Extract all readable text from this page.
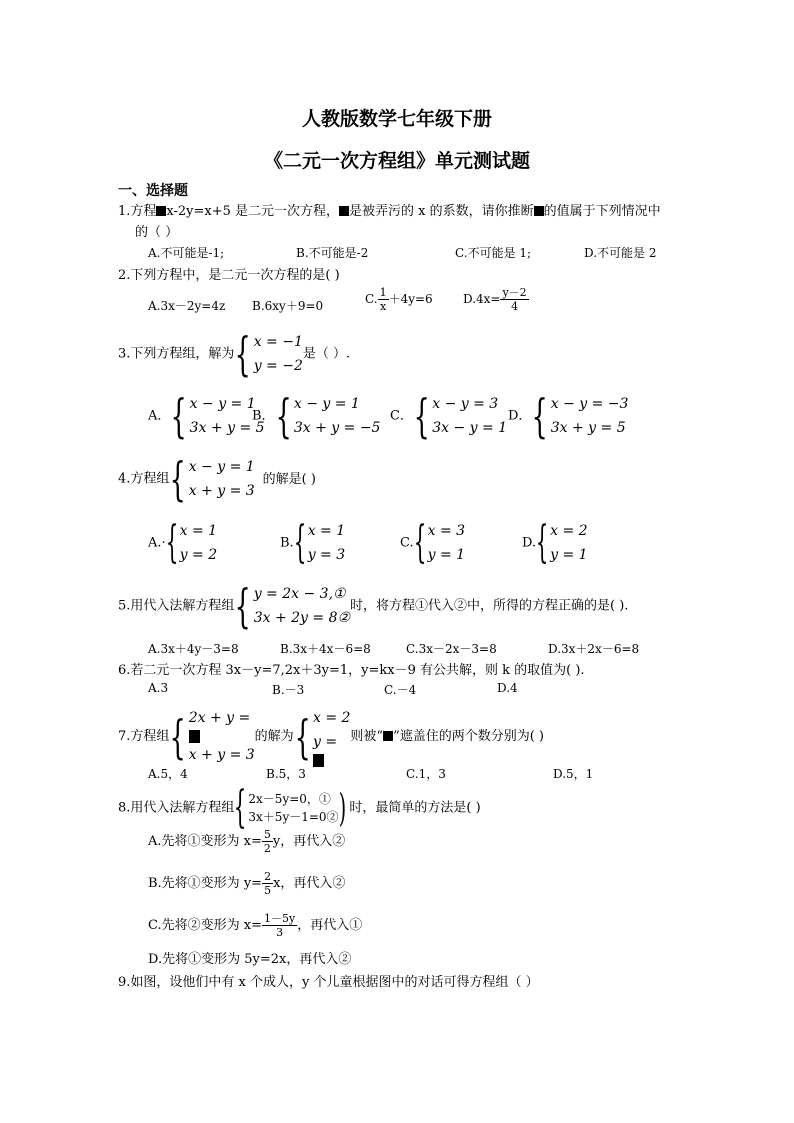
人教版数学七年级下册
《二元一次方程组》单元测试题
一、选择题
1.方程 x-2y=x+5 是二元一次方程， 是被弄污的 x 的系数，请你推断 的值属于下列情况中
的（ ）
A.不可能是-1;	B.不可能是-2	C.不可能是 1;	D.不可能是 2
2.下列方程中，是二元一次方程的是( )
A.3x－2y=4z B.6xy＋9=0	C. $\frac{1}{x} +4y=6$	$D.4x= \frac{y-2}{4}$
3.下列方程组，解为 { x = −1
y = −2
是（ ）.
A． { x − y = 1
3x + y = 5
B． { x − y = 1
3x + y = −5
C． { x − y = 3
3x − y = 1
D． { x − y = −3
3x + y = 5
4.方程组 { x − y = 1
x + y = 3
的解是( )
A.· { x = 1
y = 2
B. { x = 1
y = 3
C. { x = 3
y = 1
D. { x = 2
y = 1
5.用代入法解方程组 { y = 2x − 3,①
3x + 2y = 8②
时，将方程①代入②中，所得的方程正确的是( ).
A.3x＋4y－3=8	B.3x＋4x－6=8	C.3x－2x－3=8	D.3x＋2x－6=8
6.若二元一次方程 3x－y=7,2x＋3y=1，y=kx－9 有公共解，则 k 的取值为( ).
A.3	B.－3	C.－4	D.4
7.方程组 { 2x + y =
x + y = 3
的解为 { x = 2
y =	则被“ ”遮盖住的两个数分别为( )
A.5，4	B.5，3	C.1，3	D.5，1
8.用代入法解方程组 { 2x－5y=0，①
3x＋5y－1=0② ) 时，最简单的方法是( )
A.先将①变形为 $x= \frac{5}{2}$ y，再代入②
B.先将①变形为 $y= \frac{2}{5}$ x，再代入②
C.先将②变形为 $x= \frac{1-5y}{3}$ ，再代入①
D.先将①变形为 5y=2x，再代入②
9.如图，设他们中有 x 个成人，y 个儿童根据图中的对话可得方程组（ ）
